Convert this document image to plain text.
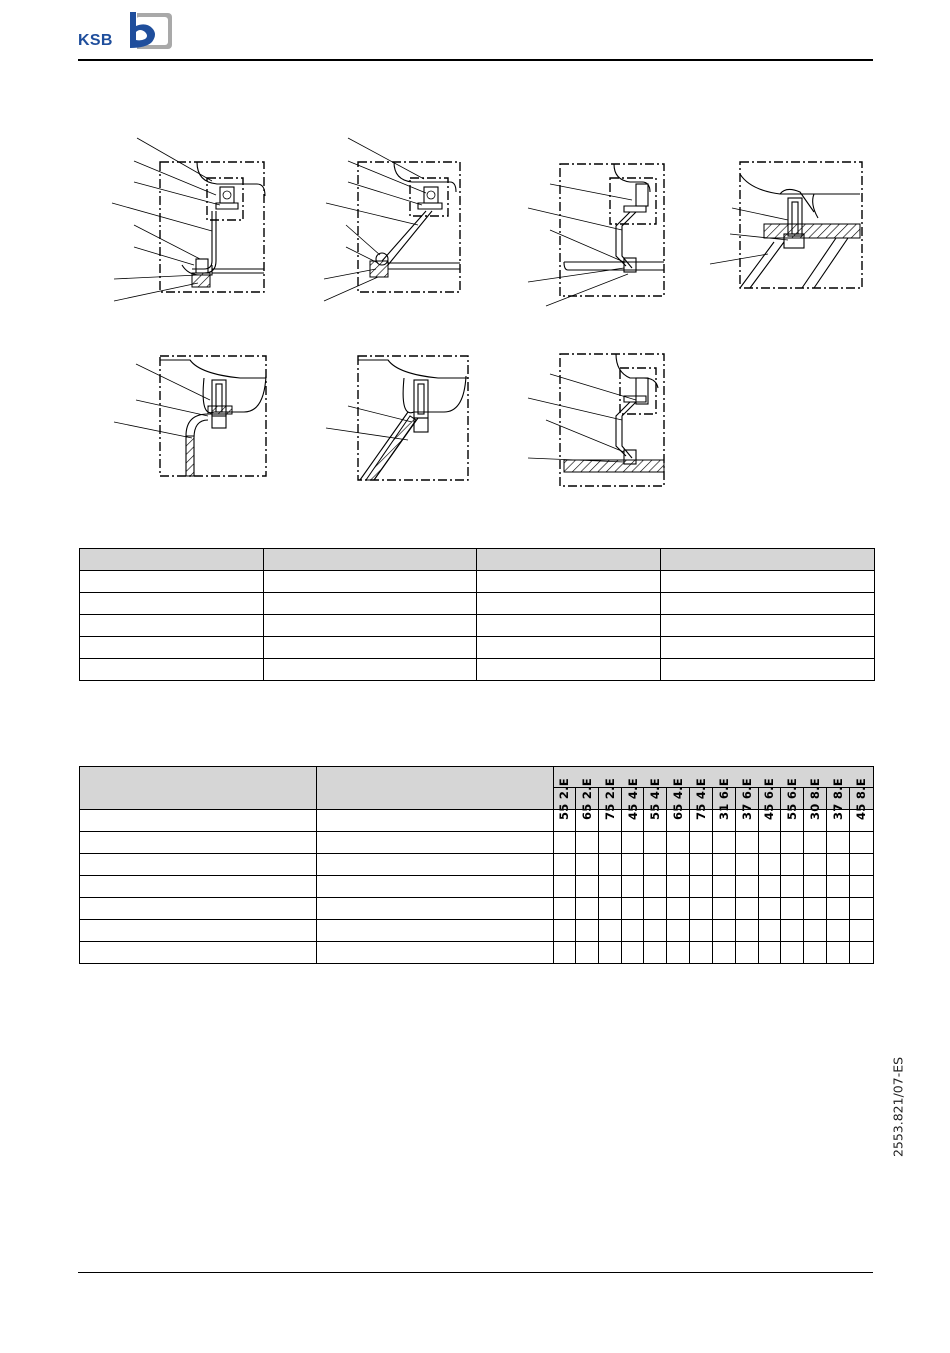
KSB

		55 2.E	65 2.E	75 2.E	45 4.E	55 4.E	65 4.E	75 4.E	31 6.E	37 6.E	45 6.E	55 6.E	30 8.E	37 8.E	45 8.E

2553.821/07-ES
